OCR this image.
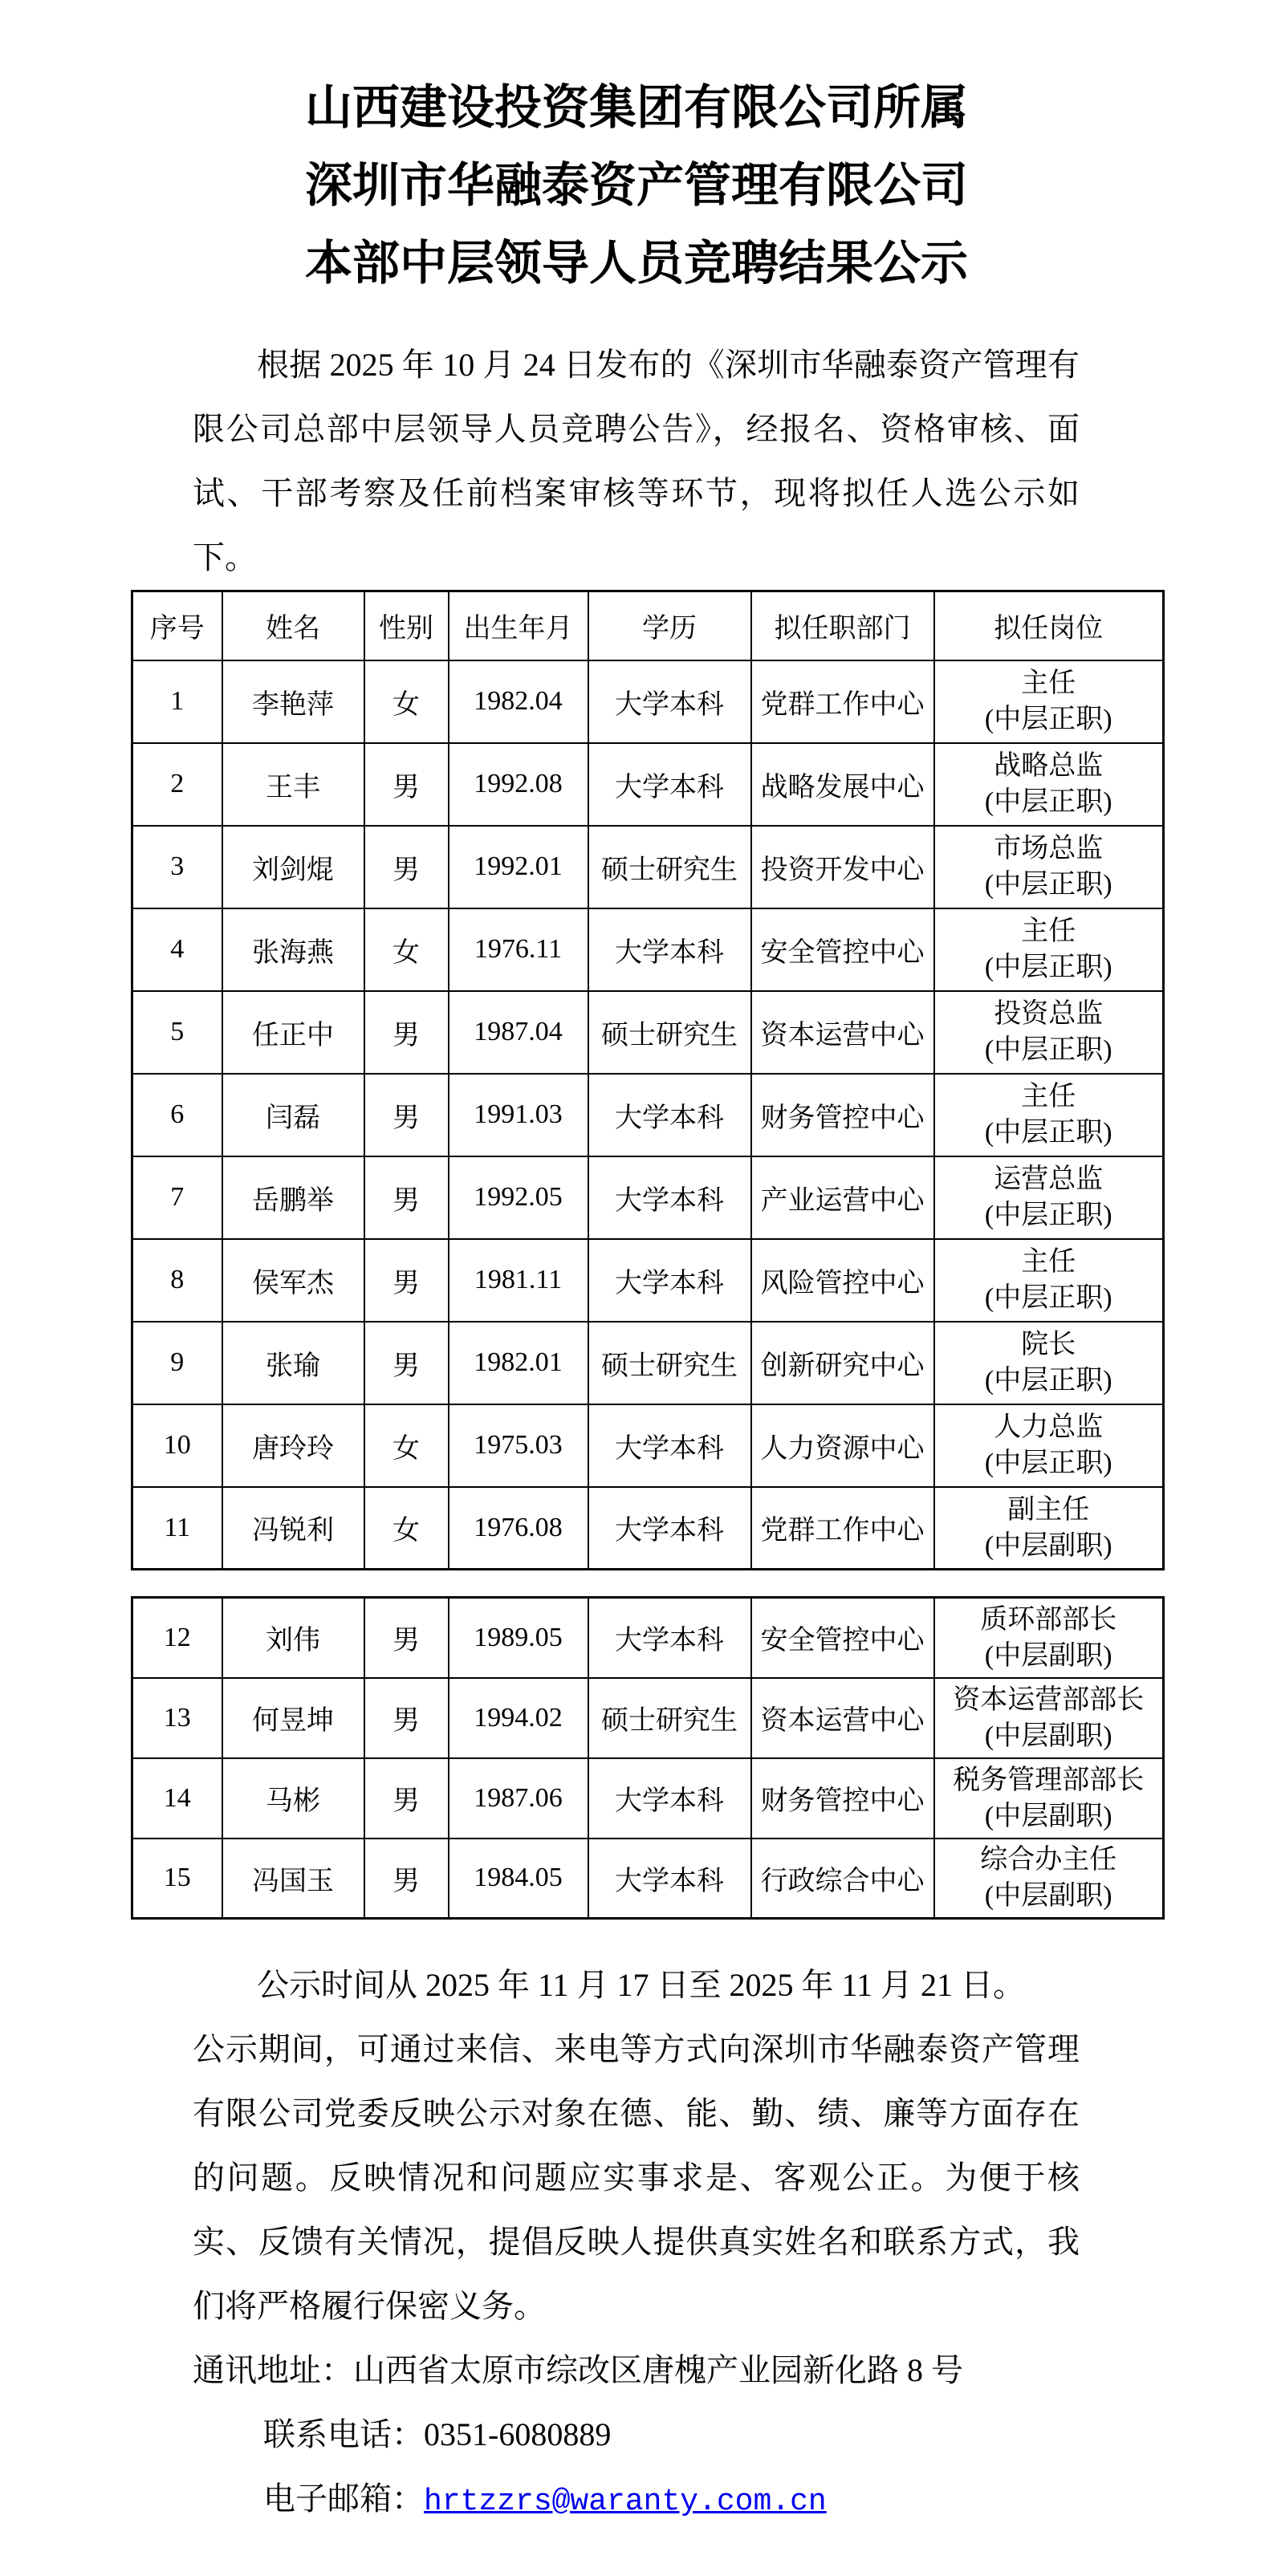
山西建设投资集团有限公司所属
深圳市华融泰资产管理有限公司
本部中层领导人员竞聘结果公示

根据 2025 年 10 月 24 日发布的《深圳市华融泰资产管理有限公司总部中层领导人员竞聘公告》，经报名、资格审核、面试、干部考察及任前档案审核等环节，现将拟任人选公示如下。

序号	姓名	性别	出生年月	学历	拟任职部门	拟任岗位
1	李艳萍	女	1982.04	大学本科	党群工作中心	主任
(中层正职)

2	王丰	男	1992.08	大学本科	战略发展中心	战略总监
(中层正职)

3	刘剑焜	男	1992.01	硕士研究生	投资开发中心	市场总监
(中层正职)

4	张海燕	女	1976.11	大学本科	安全管控中心	主任
(中层正职)

5	任正中	男	1987.04	硕士研究生	资本运营中心	投资总监
(中层正职)

6	闫磊	男	1991.03	大学本科	财务管控中心	主任
(中层正职)

7	岳鹏举	男	1992.05	大学本科	产业运营中心	运营总监
(中层正职)

8	侯军杰	男	1981.11	大学本科	风险管控中心	主任
(中层正职)

9	张瑜	男	1982.01	硕士研究生	创新研究中心	院长
(中层正职)

10	唐玲玲	女	1975.03	大学本科	人力资源中心	人力总监
(中层正职)

11	冯锐利	女	1976.08	大学本科	党群工作中心	副主任
(中层副职)
12	刘伟	男	1989.05	大学本科	安全管控中心	质环部部长
(中层副职)

13	何昱坤	男	1994.02	硕士研究生	资本运营中心	资本运营部部长
(中层副职)

14	马彬	男	1987.06	大学本科	财务管控中心	税务管理部部长
(中层副职)

15	冯国玉	男	1984.05	大学本科	行政综合中心	综合办主任
(中层副职)
公示时间从 2025 年 11 月 17 日至 2025 年 11 月 21 日。

公示期间，可通过来信、来电等方式向深圳市华融泰资产管理有限公司党委反映公示对象在德、能、勤、绩、廉等方面存在的问题。反映情况和问题应实事求是、客观公正。为便于核实、反馈有关情况，提倡反映人提供真实姓名和联系方式，我们将严格履行保密义务。

通讯地址：山西省太原市综改区唐槐产业园新化路 8 号
联系电话：0351-6080889
电子邮箱：hrtzzrs@waranty.com.cn
